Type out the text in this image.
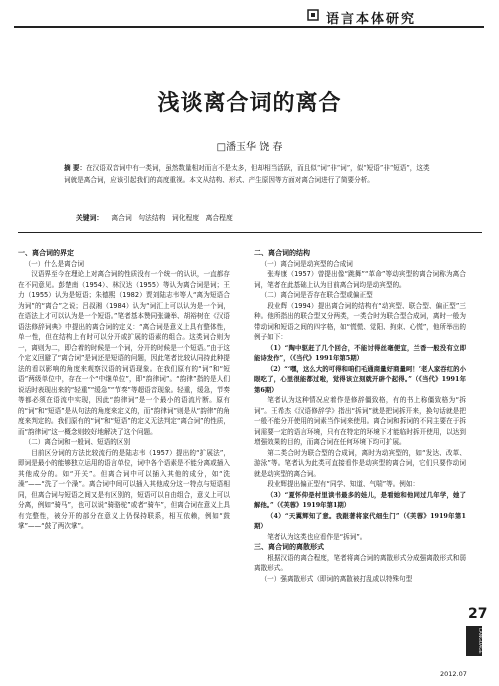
语言本体研究
浅谈离合词的离合
□潘玉华 饶 春
摘 要：在汉语双音词中有一类词，虽然数量相对而言不是太多，但却相当活跃，而且似“词”非“词”，似“短语”非“短语”，这类词就是离合词，应该引起我们的高度重视。本文从结构、形式、产生原因等方面对离合词进行了简要分析。
关键词： 离合词 句法结构 词化程度 离合程度

一、离合词的界定

（一）什么是离合词

汉语界至今在理论上对离合词的性质没有一个统一的认识，一直都存在不同意见。彭楚南（1954）、林汉达（1955）等认为离合词是词；王力（1955）认为是短语；朱德熙（1982）贾刘陆志韦等人“离为短语合为词”的“离合”之说；吕叔湘（1984）认为“词汇上可以认为是一个词，在语法上才可以认为是一个短语。”笔者基本赞同张谦举、胡裕树在《汉语语法修辞词典》中提出的离合词的定义：“离合词是意义上具有整体性，单一性，但在结构上有时可以分开或扩展的语素的组合。这类词合则为一，离则为二，即合着的时候是一个词，分开的时候是一个短语。”由于这个定义回避了“离合词”是词还是短语的问题，因此笔者比较认同持此种提法的看以影响的角度来观察汉语的词语现象。在我们原有的“词”和“短语”两级单位中，存在一个“中继单位”，即“韵律词”。“韵律”指的是人们说话时表现出来的“轻重”“缓急”“节奏”等超语音现象。轻重，缓急，节奏等都必须在语流中实现，因此“韵律词”是一个最小的语流片断。原有的“词”和“短语”是从句法的角度来定义的，而“韵律词”则是从“韵律”的角度来判定的。我们原有的“词”和“短语”的定义无法判定“离合词”的性质，而“韵律词”这一概念则较好地解决了这个问题。

（二）离合词和一般词、短语的区别

目前区分词的方法比较流行的是陆志韦（1957）提出的“扩展法”，即词是最小的能够独立运用的语言单位，词中各个语素是不能分离或插入其他成分的。如“开关”。但离合词中可以插入其他的成分，如“洗澡”——“洗了一个澡”。离合词中间可以插入其他成分这一特点与短语相同，但离合词与短语之间又是有区别的，短语可以自由组合，意义上可以分离，例如“骑马”，也可以说“骑骆驼”或者“骑车”，但离合词在意义上具有完整性，被分开的部分在意义上仍保持联系，相互依赖，例如“鼓掌”——“鼓了两次掌”。

二、离合词的结构

（一）离合词是动宾型的合成词

张寿康（1957）曾提出像“跳舞”“革命”等动宾型的离合词称为离合词，笔者在此基础上认为目前离合词均是动宾型的。

（二）离合词是否存在联合型或偏正型

段业辉（1994）提出离合词的结构有“动宾型、联合型、偏正型”三种。他所指出的联合型又分两类，一类合时为联合型合成词，离时一般为带动词和短语之间的四字格，如“慌慌、觉阳、拘束、心慌”，他所举出的例子如下：

（1）“陶中驱赶了几个回合，不能讨得丝毫便宜，兰香一般没有立即能诗发作”，（《当代》1991年第5期）

（2）“‘嘿，这么大的可得和咱们毛通商量好商量呵！’老人家吞红的小眼吃了，心里很能都过啦，觉得该立刻就开辟个起得。”（《当代》1991年第6期）

笔者认为这种情况应着作是修辞僵致格，有的书上称僵致格为“拆词”。王希杰《汉语修辞学》指出“拆词”就是把词拆开来，换句话就是把一般不能分开使用的词素当作词来使用。离合词和拆词的不同主要在于拆词需要一定的语言环境，只有在特定的环境下才能临时拆开使用，以达到增强效果的目的，而离合词在任何环境下均可扩展。

第二类合时为联合型的合成词，离时为动宾型的，如“发达、改革、游泳”等。笔者认为此类可直接看作是动宾型的离合词，它们只要作动词就是动宾型的离合词。

段业辉提出偏正型有“同学、知道、气喘”等。例如：

（3）“夏怀仰是村里读书最多的娃儿，是看她和他同过几年学，她了解他。”（《芙蓉》1919年第1期）

（4）“天翼辉知了意。我跟著将家代细生门”（《芙蓉》1919年第1期）

笔者认为这类也应看作是“拆词”。

三、离合词的离散形式

根据汉语的离合程度，笔者将离合词的离散形式分成强离散形式和弱离散形式。

（一）强离散形式（即词的离散被打乱或以特殊句型

27
LANGUAGE
2012.07
